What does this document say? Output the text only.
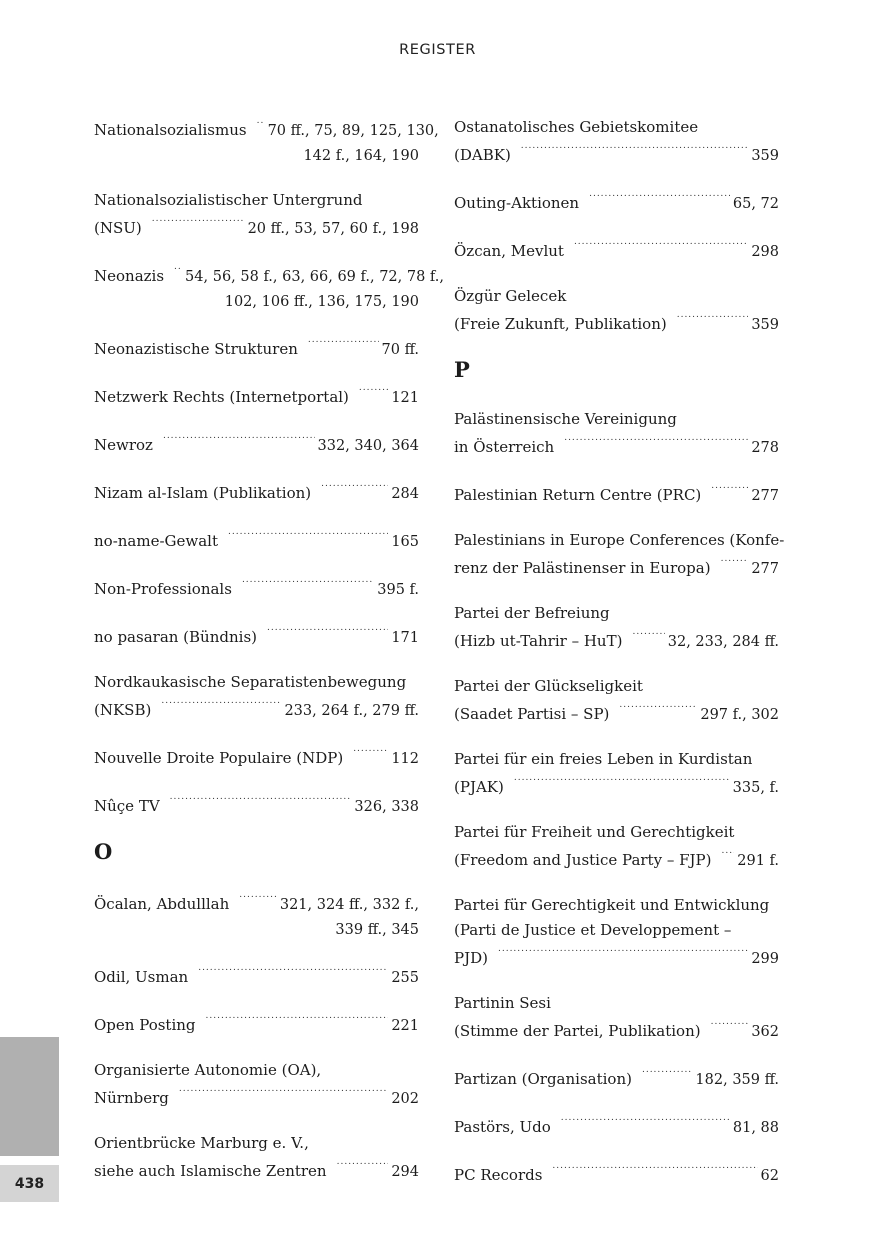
REGISTER
Nationalsozialismus ..... 70 ff., 75, 89, 125, 130,
142 f., 164, 190
Nationalsozialistischer Untergrund
(NSU) .....	20 ff., 53, 57, 60 f., 198
Neonazis ..... 54, 56, 58 f., 63, 66, 69 f., 72, 78 f.,
102, 106 ff., 136, 175, 190
Neonazistische Strukturen .....	70 ff.
Netzwerk Rechts (Internetportal) .....	121
Newroz .....	332, 340, 364
Nizam al-Islam (Publikation) .....	284
no-name-Gewalt .....	165
Non-Professionals .....	395 f.
no pasaran (Bündnis) .....	171
Nordkaukasische Separatistenbewegung
(NKSB) .....	233, 264 f., 279 ff.
Nouvelle Droite Populaire (NDP) .....	112
Nûçe TV .....	326, 338
O
Öcalan, Abdulllah .....	321, 324 ff., 332 f.,
339 ff., 345
Odil, Usman .....	255
Open Posting .....	221
Organisierte Autonomie (OA),
Nürnberg .....	202
Orientbrücke Marburg e. V.,
siehe auch Islamische Zentren .....	294
Ostanatolisches Gebietskomitee
(DABK) .....	359
Outing-Aktionen .....	65, 72
Özcan, Mevlut .....	298
Özgür Gelecek
(Freie Zukunft, Publikation) .....	359
P
Palästinensische Vereinigung
in Österreich .....	278
Palestinian Return Centre (PRC) .....	277
Palestinians in Europe Conferences (Konfe-
renz der Palästinenser in Europa) .....	277
Partei der Befreiung
(Hizb ut-Tahrir – HuT) .....	32, 233, 284 ff.
Partei der Glückseligkeit
(Saadet Partisi – SP) .....	297 f., 302
Partei für ein freies Leben in Kurdistan
(PJAK) .....	335, f.
Partei für Freiheit und Gerechtigkeit
(Freedom and Justice Party – FJP) ..... 291 f.
Partei für Gerechtigkeit und Entwicklung
(Parti de Justice et Developpement –
PJD) .....	299
Partinin Sesi
(Stimme der Partei, Publikation) .....	362
Partizan (Organisation) .....	182, 359 ff.
Pastörs, Udo .....	81, 88
PC Records .....	62
438
